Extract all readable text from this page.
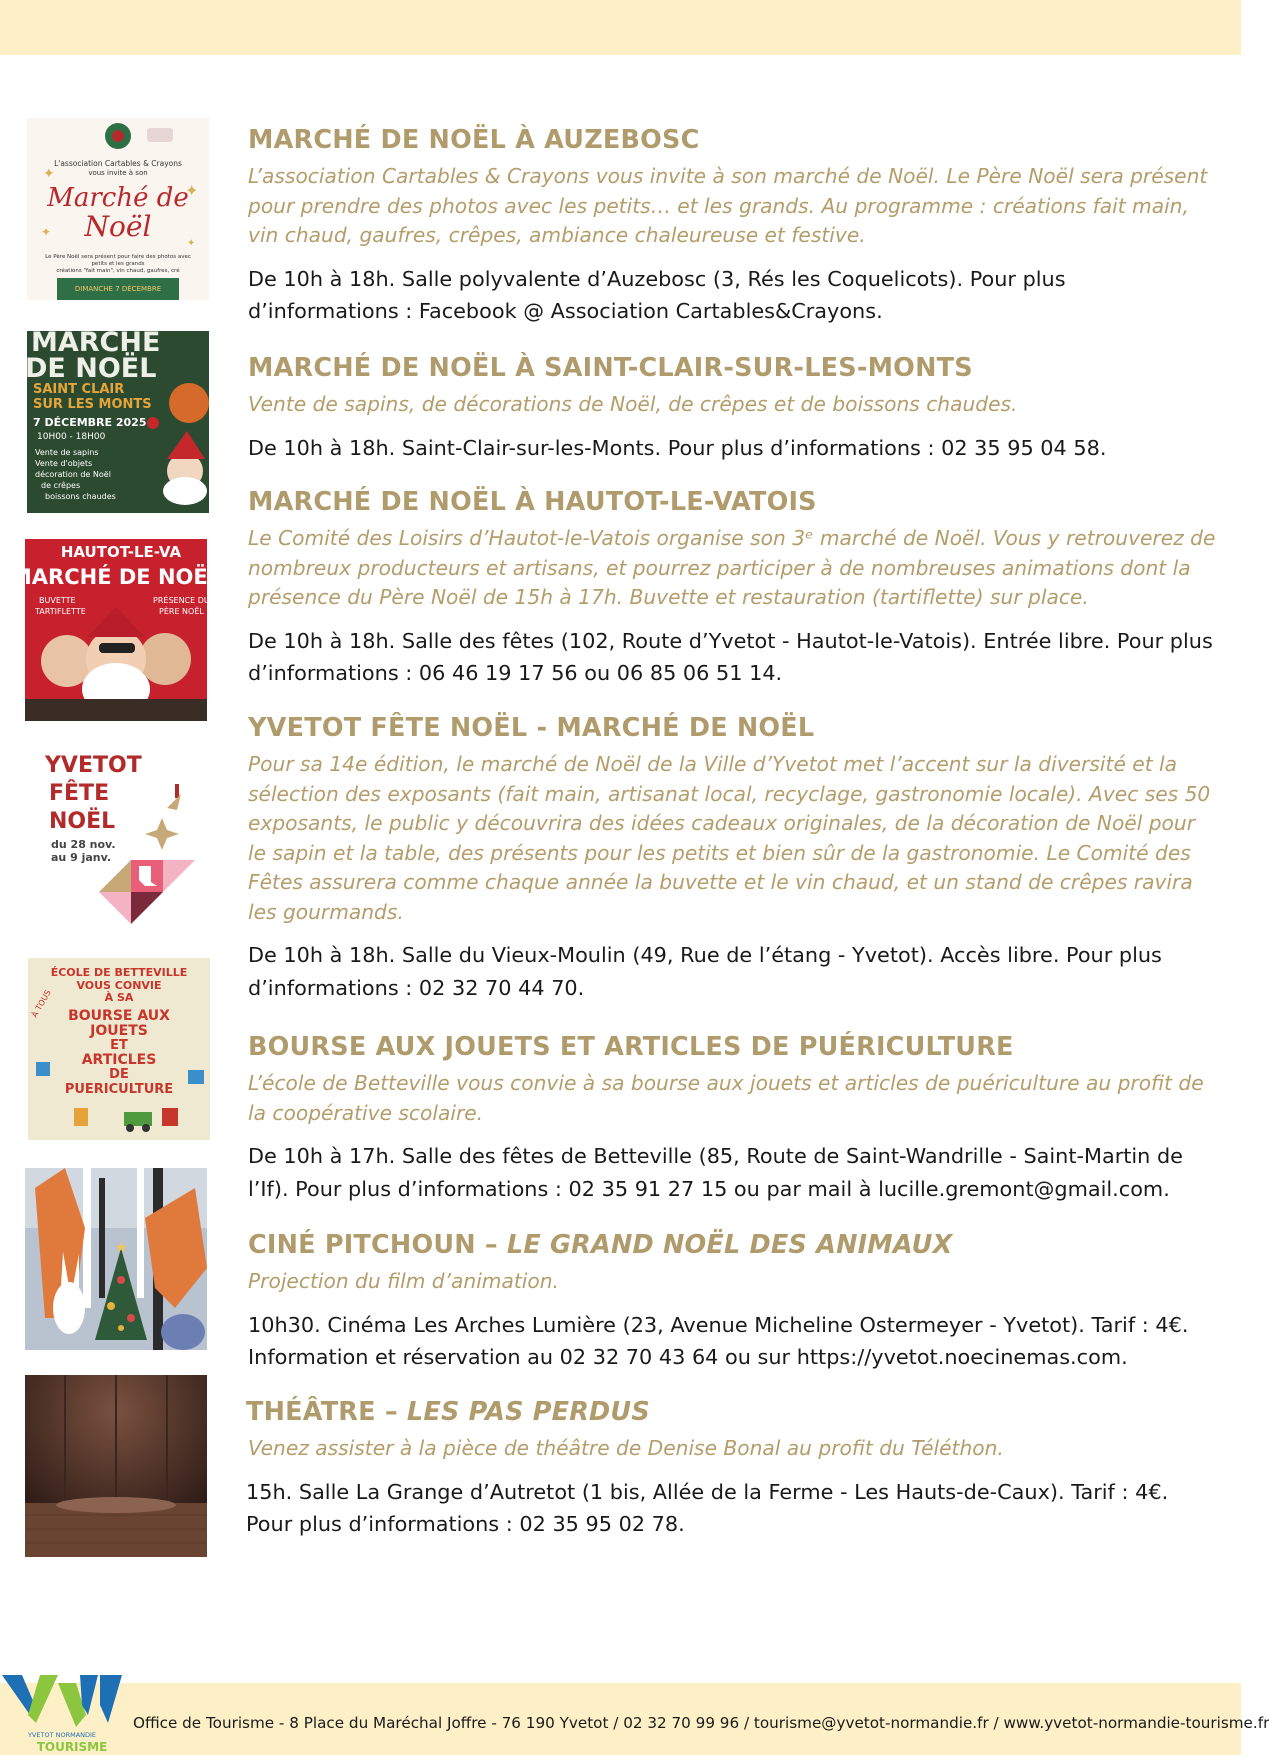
L'association Cartables & Crayons
vous invite à son
Marché de
Noël
Le Père Noël sera présent pour faire des photos avec
petits et les grands
créations "fait main", vin chaud, gaufres, cré
DIMANCHE 7 DÉCEMBRE
✦
✦
✦
✦
MARCHÉ DE NOËL À AUZEBOSC

L’association Cartables & Crayons vous invite à son marché de Noël. Le Père Noël sera présent pour prendre des photos avec les petits… et les grands. Au programme : créations fait main, vin chaud, gaufres, crêpes, ambiance chaleureuse et festive.

De 10h à 18h. Salle polyvalente d’Auzebosc (3, Rés les Coquelicots). Pour plus d’informations : Facebook @ Association Cartables&Crayons.

MARCHE
DE NOËL
SAINT CLAIR
SUR LES MONTS
7 DÉCEMBRE 2025
10H00 - 18H00
Vente de sapins
Vente d'objets
décoration de Noël
de crêpes
boissons chaudes
MARCHÉ DE NOËL À SAINT-CLAIR-SUR-LES-MONTS

Vente de sapins, de décorations de Noël, de crêpes et de boissons chaudes.

De 10h à 18h. Saint-Clair-sur-les-Monts. Pour plus d’informations : 02 35 95 04 58.

HAUTOT-LE-VA
MARCHÉ DE NOËL
BUVETTE
TARTIFLETTE
PRÉSENCE DU
PÈRE NOËL
MARCHÉ DE NOËL À HAUTOT-LE-VATOIS

Le Comité des Loisirs d’Hautot-le-Vatois organise son 3ᵉ marché de Noël. Vous y retrouverez de nombreux producteurs et artisans, et pourrez participer à de nombreuses animations dont la présence du Père Noël de 15h à 17h. Buvette et restauration (tartiflette) sur place.

De 10h à 18h. Salle des fêtes (102, Route d’Yvetot - Hautot-le-Vatois). Entrée libre. Pour plus d’informations : 06 46 19 17 56 ou 06 85 06 51 14.

YVETOT
FÊTE
NOËL
du 28 nov.
au 9 janv.
YVETOT FÊTE NOËL - MARCHÉ DE NOËL

Pour sa 14e édition, le marché de Noël de la Ville d’Yvetot met l’accent sur la diversité et la sélection des exposants (fait main, artisanat local, recyclage, gastronomie locale). Avec ses 50 exposants, le public y découvrira des idées cadeaux originales, de la décoration de Noël pour le sapin et la table, des présents pour les petits et bien sûr de la gastronomie. Le Comité des Fêtes assurera comme chaque année la buvette et le vin chaud, et un stand de crêpes ravira les gourmands.

De 10h à 18h. Salle du Vieux-Moulin (49, Rue de l’étang - Yvetot). Accès libre. Pour plus d’informations : 02 32 70 44 70.

ÉCOLE DE BETTEVILLE
VOUS CONVIE
À SA
BOURSE AUX
JOUETS
ET
ARTICLES
DE
PUERICULTURE
À TOUS
BOURSE AUX JOUETS ET ARTICLES DE PUÉRICULTURE

L’école de Betteville vous convie à sa bourse aux jouets et articles de puériculture au profit de la coopérative scolaire.

De 10h à 17h. Salle des fêtes de Betteville (85, Route de Saint-Wandrille - Saint-Martin de l’If). Pour plus d’informations : 02 35 91 27 15 ou par mail à lucille.gremont@gmail.com.

★	CINÉ PITCHOUN – LE GRAND NOËL DES ANIMAUX

Projection du film d’animation.

10h30. Cinéma Les Arches Lumière (23, Avenue Micheline Ostermeyer - Yvetot). Tarif : 4€. Information et réservation au 02 32 70 43 64 ou sur https://yvetot.noecinemas.com.

THÉÂTRE – LES PAS PERDUS

Venez assister à la pièce de théâtre de Denise Bonal au profit du Téléthon.

15h. Salle La Grange d’Autretot (1 bis, Allée de la Ferme - Les Hauts-de-Caux). Tarif : 4€. Pour plus d’informations : 02 35 95 02 78.

YVETOT NORMANDIE
TOURISME
Office de Tourisme - 8 Place du Maréchal Joffre - 76 190 Yvetot / 02 32 70 99 96 / tourisme@yvetot-normandie.fr / www.yvetot-normandie-tourisme.fr
